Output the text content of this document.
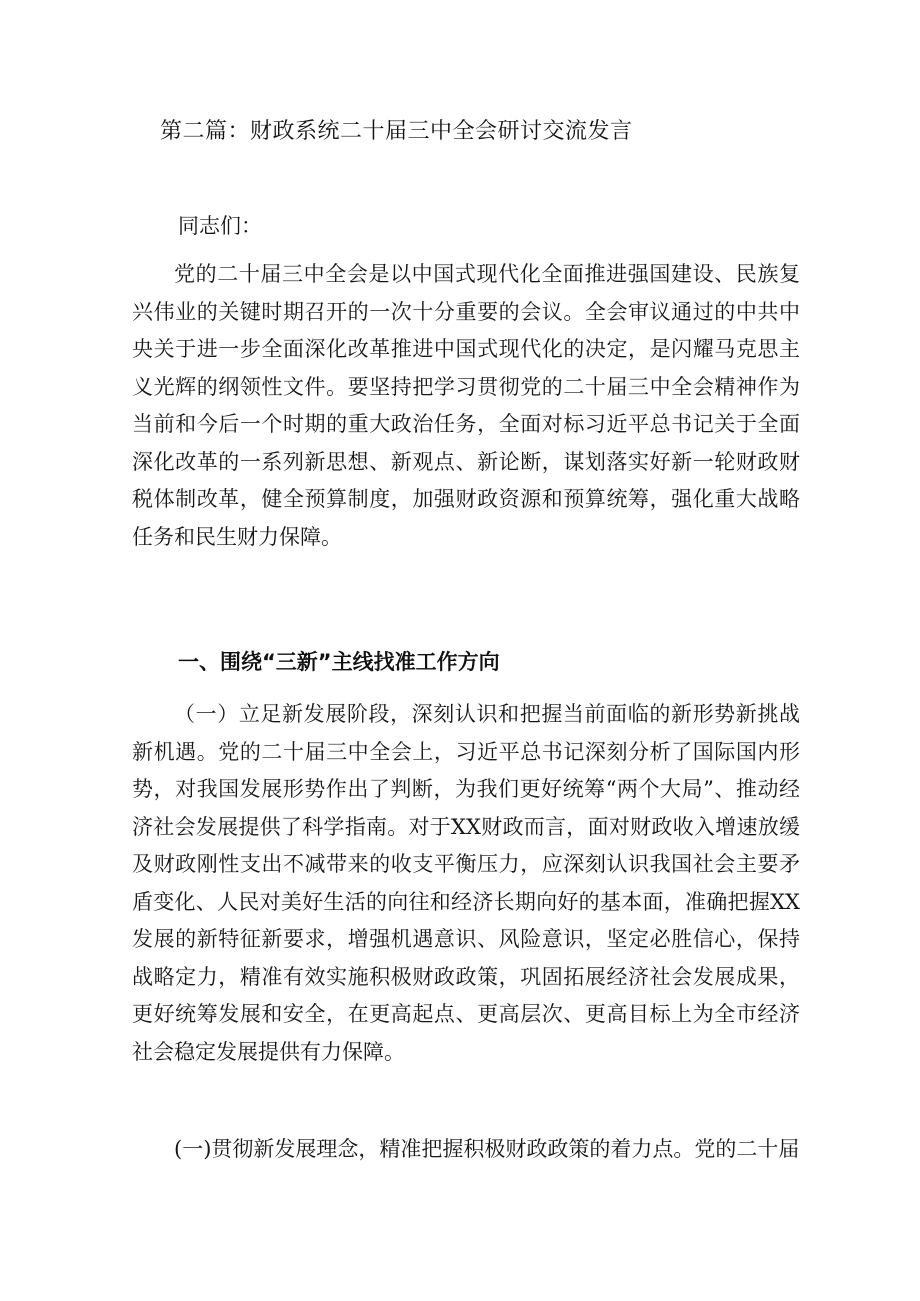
第二篇：财政系统二十届三中全会研讨交流发言
同志们：

党的二十届三中全会是以中国式现代化全面推进强国建设、民族复兴伟业的关键时期召开的一次十分重要的会议。全会审议通过的中共中央关于进一步全面深化改革推进中国式现代化的决定，是闪耀马克思主义光辉的纲领性文件。要坚持把学习贯彻党的二十届三中全会精神作为当前和今后一个时期的重大政治任务，全面对标习近平总书记关于全面深化改革的一系列新思想、新观点、新论断，谋划落实好新一轮财政财税体制改革，健全预算制度，加强财政资源和预算统筹，强化重大战略任务和民生财力保障。

一、围绕“三新”主线找准工作方向

（一）立足新发展阶段，深刻认识和把握当前面临的新形势新挑战新机遇。党的二十届三中全会上，习近平总书记深刻分析了国际国内形势，对我国发展形势作出了判断，为我们更好统筹“两个大局”、推动经济社会发展提供了科学指南。对于XX财政而言，面对财政收入增速放缓及财政刚性支出不减带来的收支平衡压力，应深刻认识我国社会主要矛盾变化、人民对美好生活的向往和经济长期向好的基本面，准确把握XX发展的新特征新要求，增强机遇意识、风险意识，坚定必胜信心，保持战略定力，精准有效实施积极财政政策，巩固拓展经济社会发展成果，更好统筹发展和安全，在更高起点、更高层次、更高目标上为全市经济社会稳定发展提供有力保障。

(一)贯彻新发展理念，精准把握积极财政政策的着力点。党的二十届
